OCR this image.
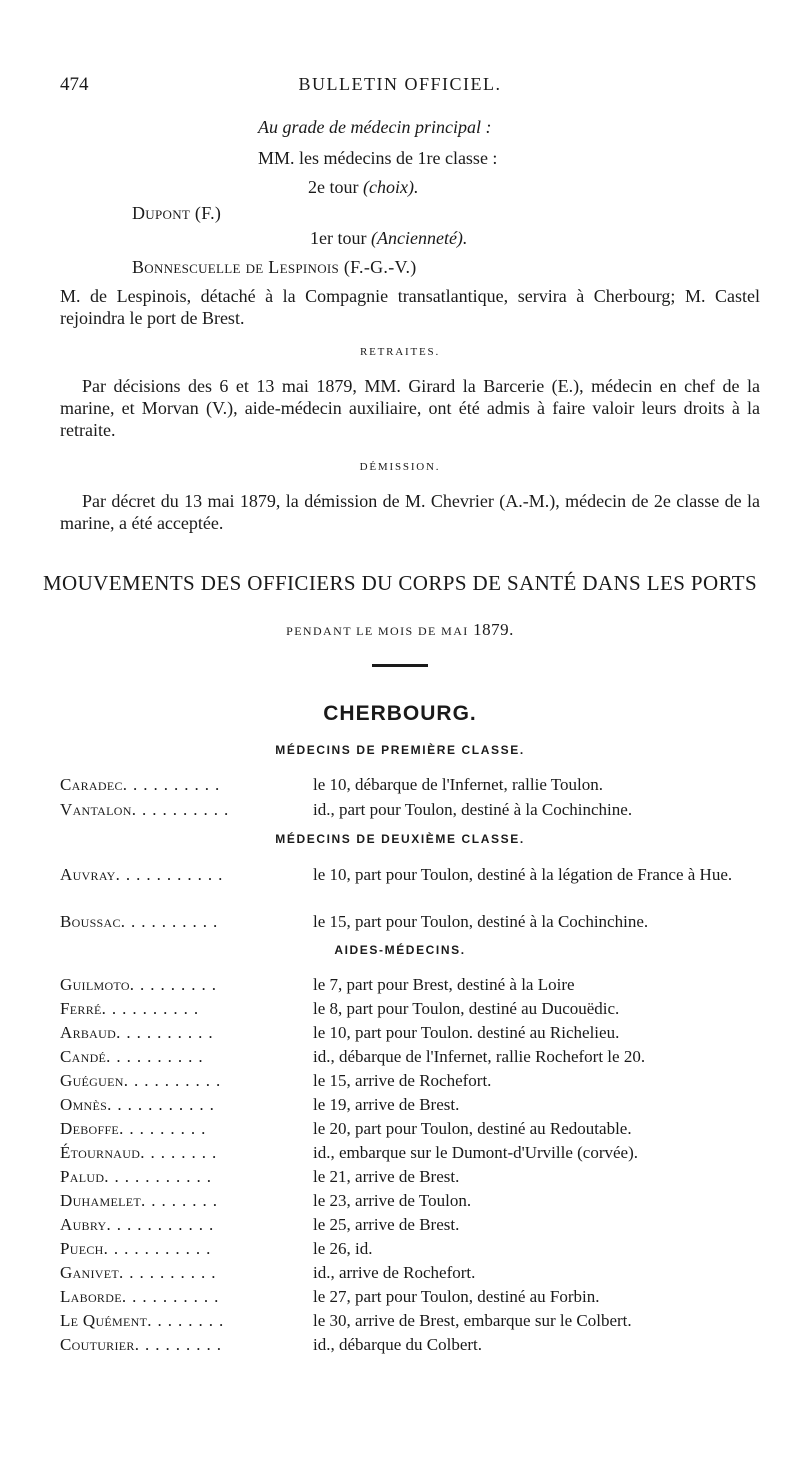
474	BULLETIN OFFICIEL.
Au grade de médecin principal :
MM. les médecins de 1re classe :
2e tour (choix).
Dupont (F.)
1er tour (Ancienneté).
Bonnescuelle de Lespinois (F.-G.-V.)
M. de Lespinois, détaché à la Compagnie transatlantique, servira à Cherbourg; M. Castel rejoindra le port de Brest.
RETRAITES.
Par décisions des 6 et 13 mai 1879, MM. Girard la Barcerie (E.), médecin en chef de la marine, et Morvan (V.), aide-médecin auxiliaire, ont été admis à faire valoir leurs droits à la retraite.
DÉMISSION.
Par décret du 13 mai 1879, la démission de M. Chevrier (A.-M.), médecin de 2e classe de la marine, a été acceptée.
MOUVEMENTS DES OFFICIERS DU CORPS DE SANTÉ DANS LES PORTS
PENDANT LE MOIS DE MAI 1879.
CHERBOURG.
MÉDECINS DE PREMIÈRE CLASSE.
Caradec..........	le 10, débarque de l'Infernet, rallie Toulon.
Vantalon..........	id., part pour Toulon, destiné à la Cochinchine.
MÉDECINS DE DEUXIÈME CLASSE.
Auvray...........	le 10, part pour Toulon, destiné à la légation de France à Hue.
Boussac..........	le 15, part pour Toulon, destiné à la Cochinchine.
AIDES-MÉDECINS.
Guilmoto.........	le 7, part pour Brest, destiné à la Loire
Ferré..........	le 8, part pour Toulon, destiné au Ducouëdic.
Arbaud..........	le 10, part pour Toulon. destiné au Richelieu.
Candé..........	id., débarque de l'Infernet, rallie Rochefort le 20.
Guéguen..........	le 15, arrive de Rochefort.
Omnès...........	le 19, arrive de Brest.
Deboffe.........	le 20, part pour Toulon, destiné au Redoutable.
Étournaud........	id., embarque sur le Dumont-d'Urville (corvée).
Palud...........	le 21, arrive de Brest.
Duhamelet........	le 23, arrive de Toulon.
Aubry...........	le 25, arrive de Brest.
Puech...........	le 26, id.
Ganivet..........	id., arrive de Rochefort.
Laborde..........	le 27, part pour Toulon, destiné au Forbin.
Le Quément........	le 30, arrive de Brest, embarque sur le Colbert.
Couturier.........	id., débarque du Colbert.
